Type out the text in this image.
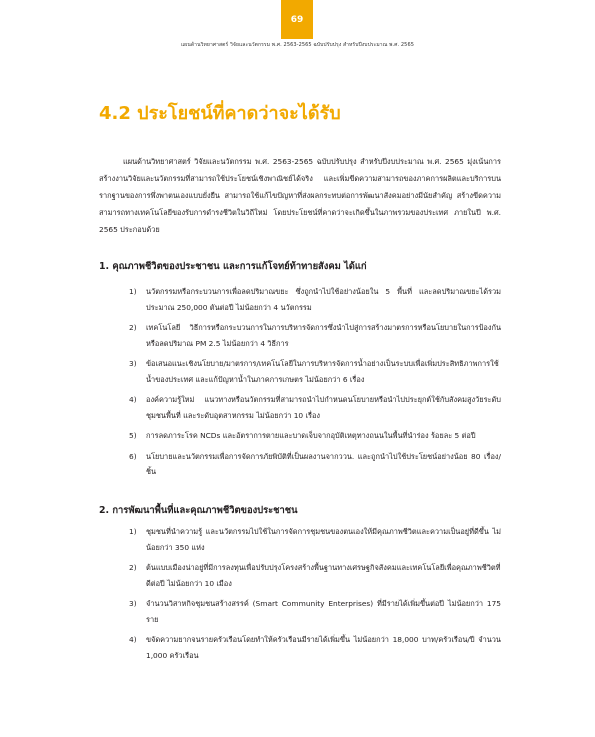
69
แผนด้านวิทยาศาสตร์ วิจัยและนวัตกรรม พ.ศ. 2563-2565 ฉบับปรับปรุง สำหรับปีงบประมาณ พ.ศ. 2565
4.2 ประโยชน์ที่คาดว่าจะได้รับ

แผนด้านวิทยาศาสตร์ วิจัยและนวัตกรรม พ.ศ. 2563-2565 ฉบับปรับปรุง สำหรับปีงบประมาณ พ.ศ. 2565 มุ่งเน้นการสร้างงานวิจัยและนวัตกรรมที่สามารถใช้ประโยชน์เชิงพาณิชย์ได้จริง และเพิ่มขีดความสามารถของภาคการผลิตและบริการบนรากฐานของการพึ่งพาตนเองแบบยั่งยืน สามารถใช้แก้ไขปัญหาที่ส่งผลกระทบต่อการพัฒนาสังคมอย่างมีนัยสำคัญ สร้างขีดความสามารถทางเทคโนโลยีของรับการดำรงชีวิตในวิถีใหม่ โดยประโยชน์ที่คาดว่าจะเกิดขึ้นในภาพรวมของประเทศ ภายในปี พ.ศ. 2565 ประกอบด้วย

1. คุณภาพชีวิตของประชาชน และการแก้โจทย์ท้าทายสังคม ได้แก่
1) นวัตกรรมหรือกระบวนการเพื่อลดปริมาณขยะ ซึ่งถูกนำไปใช้อย่างน้อยใน 5 พื้นที่ และลดปริมาณขยะได้รวมประมาณ 250,000 ตันต่อปี ไม่น้อยกว่า 4 นวัตกรรม
2) เทคโนโลยี วิธีการหรือกระบวนการในการบริหารจัดการซึ่งนำไปสู่การสร้างมาตรการหรือนโยบายในการป้องกันหรือลดปริมาณ PM 2.5 ไม่น้อยกว่า 4 วิธีการ
3) ข้อเสนอแนะเชิงนโยบาย/มาตรการ/เทคโนโลยีในการบริหารจัดการน้ำอย่างเป็นระบบเพื่อเพิ่มประสิทธิภาพการใช้น้ำของประเทศ และแก้ปัญหาน้ำในภาคการเกษตร ไม่น้อยกว่า 6 เรื่อง
4) องค์ความรู้ใหม่ แนวทางหรือนวัตกรรมที่สามารถนำไปกำหนดนโยบายหรือนำไปประยุกต์ใช้กับสังคมสูงวัยระดับชุมชนพื้นที่ และระดับอุตสาหกรรม ไม่น้อยกว่า 10 เรื่อง
5) การลดภาระโรค NCDs และอัตราการตายและบาดเจ็บจากอุบัติเหตุทางถนนในพื้นที่นำร่อง ร้อยละ 5 ต่อปี
6) นโยบายและนวัตกรรมเพื่อการจัดการภัยพิบัติที่เป็นผลงานจากววน. และถูกนำไปใช้ประโยชน์อย่างน้อย 80 เรื่อง/ชิ้น
2. การพัฒนาพื้นที่และคุณภาพชีวิตของประชาชน
1) ชุมชนที่นำความรู้ และนวัตกรรมไปใช้ในการจัดการชุมชนของตนเองให้มีคุณภาพชีวิตและความเป็นอยู่ที่ดีขึ้น ไม่น้อยกว่า 350 แห่ง
2) ต้นแบบเมืองน่าอยู่ที่มีการลงทุนเพื่อปรับปรุงโครงสร้างพื้นฐานทางเศรษฐกิจสังคมและเทคโนโลยีเพื่อคุณภาพชีวิตที่ดีต่อปี ไม่น้อยกว่า 10 เมือง
3) จำนวนวิสาหกิจชุมชนสร้างสรรค์ (Smart Community Enterprises) ที่มีรายได้เพิ่มขึ้นต่อปี ไม่น้อยกว่า 175 ราย
4) ขจัดความยากจนรายครัวเรือนโดยทำให้ครัวเรือนมีรายได้เพิ่มขึ้น ไม่น้อยกว่า 18,000 บาท/ครัวเรือน/ปี จำนวน 1,000 ครัวเรือน
